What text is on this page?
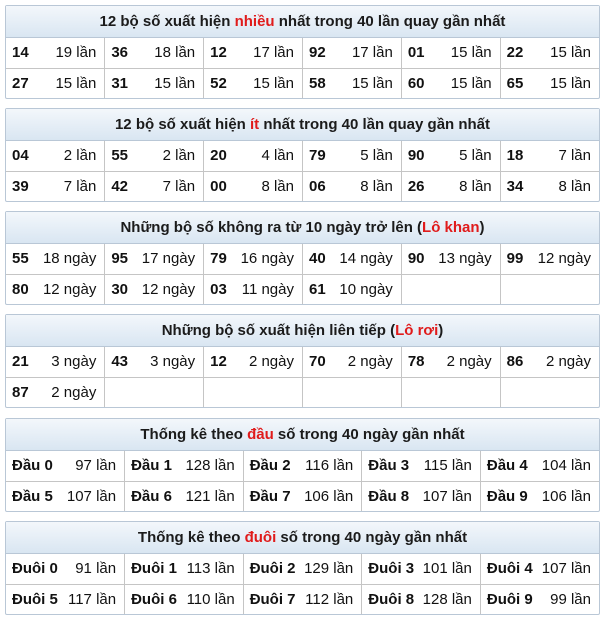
12 bộ số xuất hiện nhiều nhất trong 40 lần quay gần nhất
14 19 lần	36 18 lần	12 17 lần	92 17 lần	01 15 lần	22 15 lần

27 15 lần	31 15 lần	52 15 lần	58 15 lần	60 15 lần	65 15 lần
12 bộ số xuất hiện ít nhất trong 40 lần quay gần nhất
04 2 lần	55 2 lần	20 4 lần	79 5 lần	90 5 lần	18 7 lần

39 7 lần	42 7 lần	00 8 lần	06 8 lần	26 8 lần	34 8 lần
Những bộ số không ra từ 10 ngày trở lên (Lô khan)
55 18 ngày	95 17 ngày	79 16 ngày	40 14 ngày	90 13 ngày	99 12 ngày

80 12 ngày	30 12 ngày	03 11 ngày	61 10 ngày		

Những bộ số xuất hiện liên tiếp (Lô rơi)
21 3 ngày	43 3 ngày	12 2 ngày	70 2 ngày	78 2 ngày	86 2 ngày

87 2 ngày					

Thống kê theo đầu số trong 40 ngày gần nhất
Đầu 0 97 lần	Đầu 1 128 lần	Đầu 2 116 lần	Đầu 3 115 lần	Đầu 4 104 lần

Đầu 5 107 lần	Đầu 6 121 lần	Đầu 7 106 lần	Đầu 8 107 lần	Đầu 9 106 lần
Thống kê theo đuôi số trong 40 ngày gần nhất
Đuôi 0 91 lần	Đuôi 1 113 lần	Đuôi 2 129 lần	Đuôi 3 101 lần	Đuôi 4 107 lần

Đuôi 5 117 lần	Đuôi 6 110 lần	Đuôi 7 112 lần	Đuôi 8 128 lần	Đuôi 9 99 lần
